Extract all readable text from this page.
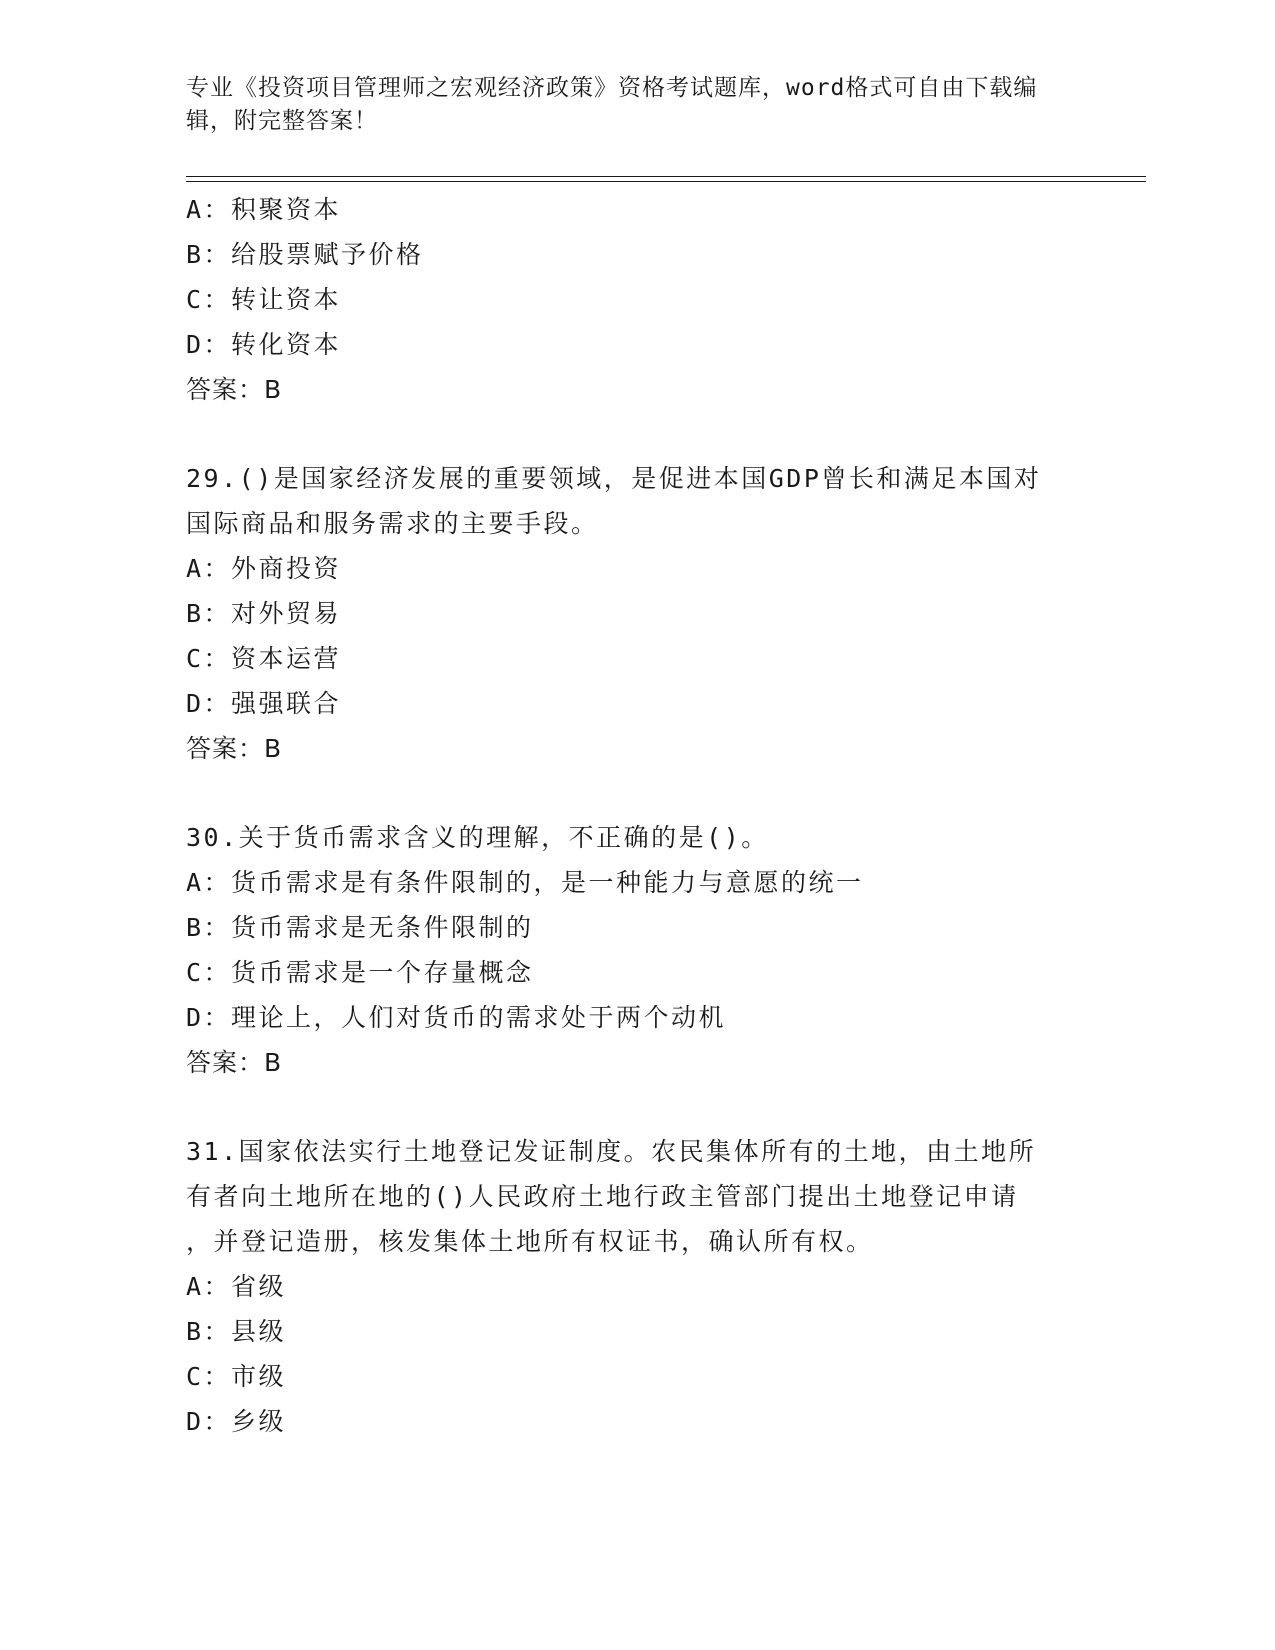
专业《投资项目管理师之宏观经济政策》资格考试题库，word格式可自由下载编辑，附完整答案！
A：积聚资本
B：给股票赋予价格
C：转让资本
D：转化资本
答案：B
29.()是国家经济发展的重要领域，是促进本国GDP曾长和满足本国对
国际商品和服务需求的主要手段。
A：外商投资
B：对外贸易
C：资本运营
D：强强联合
答案：B
30.关于货币需求含义的理解，不正确的是()。
A：货币需求是有条件限制的，是一种能力与意愿的统一
B：货币需求是无条件限制的
C：货币需求是一个存量概念
D：理论上，人们对货币的需求处于两个动机
答案：B
31.国家依法实行土地登记发证制度。农民集体所有的土地，由土地所
有者向土地所在地的()人民政府土地行政主管部门提出土地登记申请
，并登记造册，核发集体土地所有权证书，确认所有权。
A：省级
B：县级
C：市级
D：乡级
